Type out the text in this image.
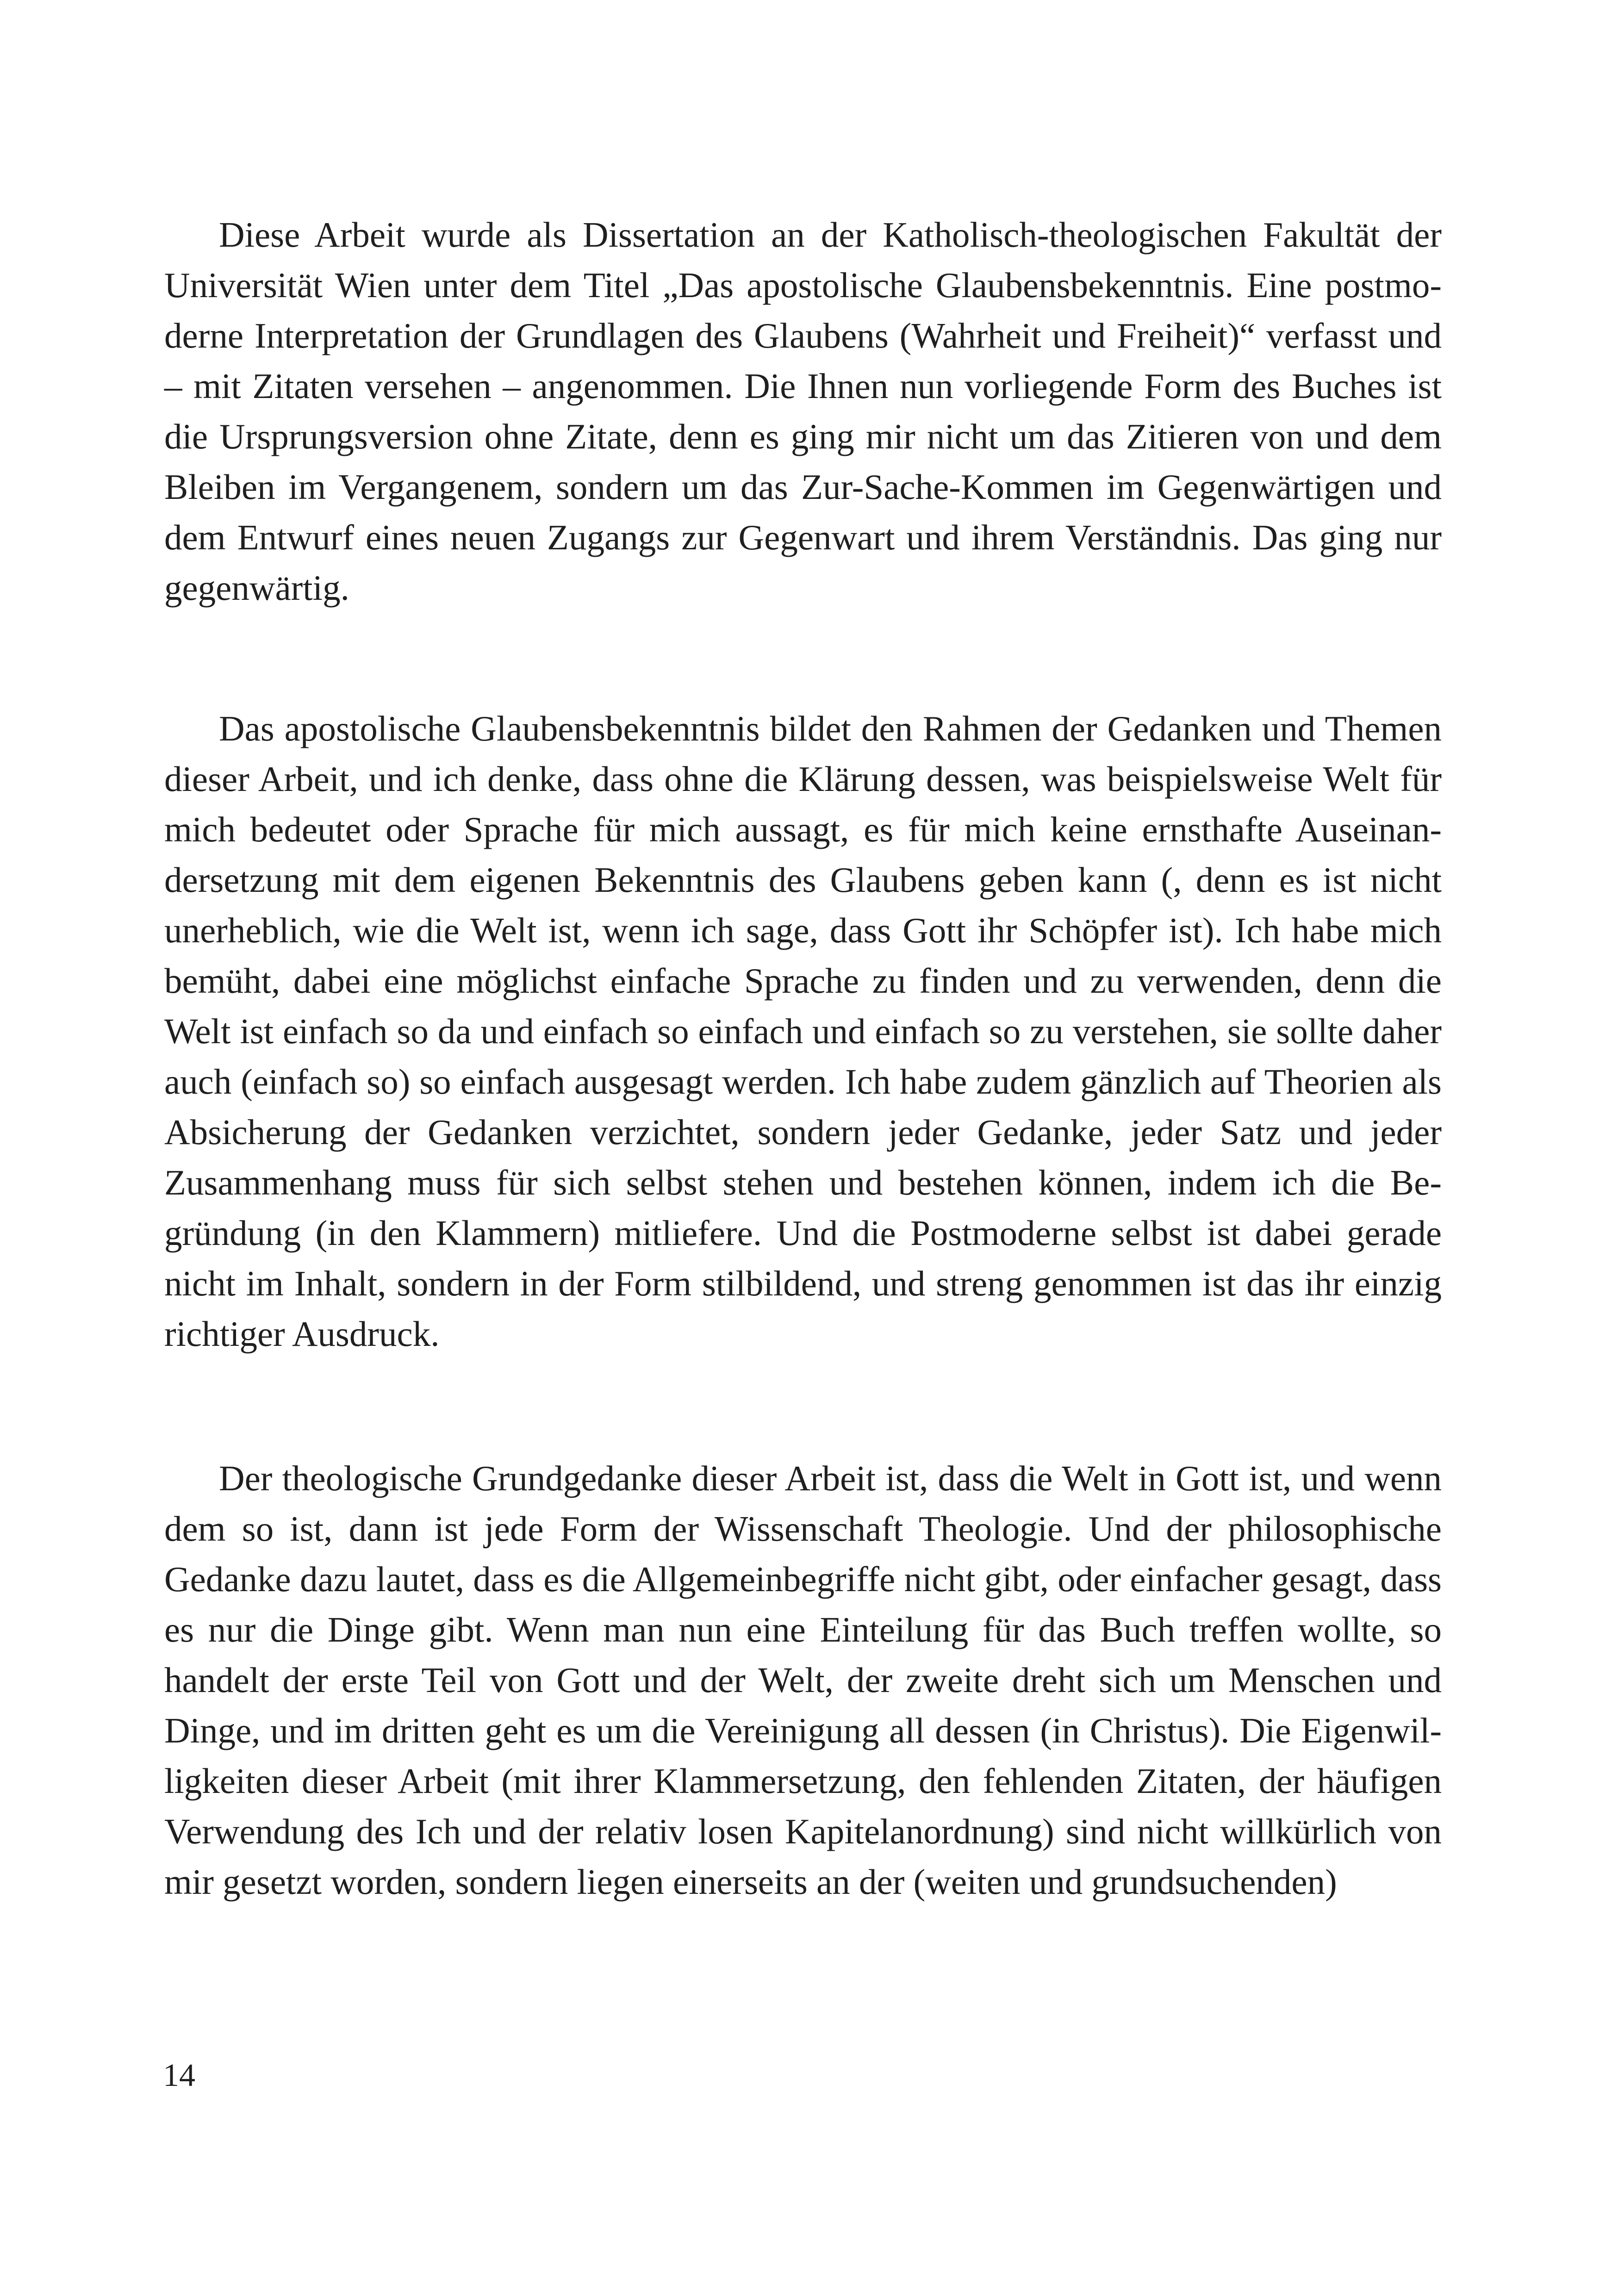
Diese Arbeit wurde als Dissertation an der Katholisch-theologischen Fakultät der Universität Wien unter dem Titel „Das apostolische Glaubensbekenntnis. Eine postmoderne Interpretation der Grundlagen des Glaubens (Wahrheit und Freiheit)“ verfasst und – mit Zitaten versehen – angenommen. Die Ihnen nun vorliegende Form des Buches ist die Ursprungsversion ohne Zitate, denn es ging mir nicht um das Zitieren von und dem Bleiben im Vergangenem, sondern um das Zur-Sache-Kommen im Gegenwärtigen und dem Entwurf eines neuen Zugangs zur Gegenwart und ihrem Verständnis. Das ging nur gegenwärtig.

Das apostolische Glaubensbekenntnis bildet den Rahmen der Gedanken und Themen dieser Arbeit, und ich denke, dass ohne die Klärung dessen, was beispielsweise Welt für mich bedeutet oder Sprache für mich aussagt, es für mich keine ernsthafte Auseinandersetzung mit dem eigenen Bekenntnis des Glaubens geben kann (, denn es ist nicht unerheblich, wie die Welt ist, wenn ich sage, dass Gott ihr Schöpfer ist). Ich habe mich bemüht, dabei eine möglichst einfache Sprache zu finden und zu verwenden, denn die Welt ist einfach so da und einfach so einfach und einfach so zu verstehen, sie sollte daher auch (einfach so) so einfach ausgesagt werden. Ich habe zudem gänzlich auf Theorien als Absicherung der Gedanken verzichtet, sondern jeder Gedanke, jeder Satz und jeder Zusammenhang muss für sich selbst stehen und bestehen können, indem ich die Begründung (in den Klammern) mitliefere. Und die Postmoderne selbst ist dabei gerade nicht im Inhalt, sondern in der Form stilbildend, und streng genommen ist das ihr einzig richtiger Ausdruck.

Der theologische Grundgedanke dieser Arbeit ist, dass die Welt in Gott ist, und wenn dem so ist, dann ist jede Form der Wissenschaft Theologie. Und der philosophische Gedanke dazu lautet, dass es die Allgemeinbegriffe nicht gibt, oder einfacher gesagt, dass es nur die Dinge gibt. Wenn man nun eine Einteilung für das Buch treffen wollte, so handelt der erste Teil von Gott und der Welt, der zweite dreht sich um Menschen und Dinge, und im dritten geht es um die Vereinigung all dessen (in Christus). Die Eigenwilligkeiten dieser Arbeit (mit ihrer Klammersetzung, den fehlenden Zitaten, der häufigen Verwendung des Ich und der relativ losen Kapitelanordnung) sind nicht willkürlich von mir gesetzt worden, sondern liegen einerseits an der (weiten und grundsuchenden)

14
